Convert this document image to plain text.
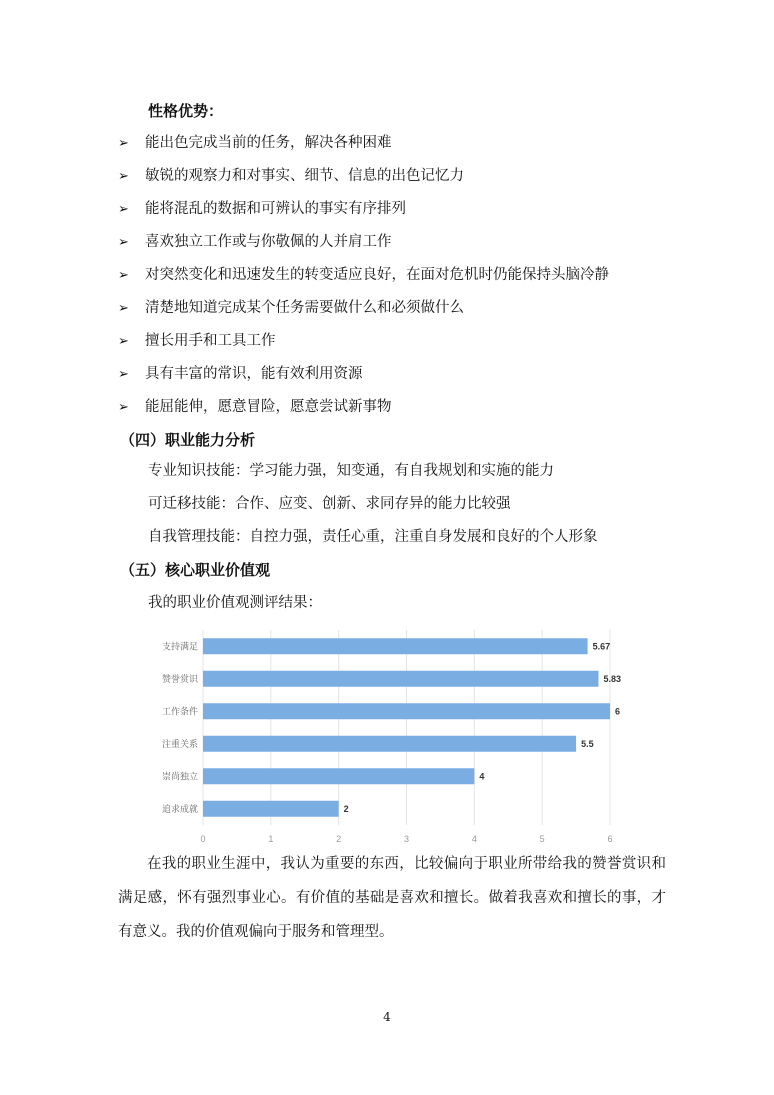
性格优势：
➢ 能出色完成当前的任务，解决各种困难
➢ 敏锐的观察力和对事实、细节、信息的出色记忆力
➢ 能将混乱的数据和可辨认的事实有序排列
➢ 喜欢独立工作或与你敬佩的人并肩工作
➢ 对突然变化和迅速发生的转变适应良好，在面对危机时仍能保持头脑冷静
➢ 清楚地知道完成某个任务需要做什么和必须做什么
➢ 擅长用手和工具工作
➢ 具有丰富的常识，能有效利用资源
➢ 能屈能伸，愿意冒险，愿意尝试新事物
（四）职业能力分析
专业知识技能：学习能力强，知变通，有自我规划和实施的能力
可迁移技能：合作、应变、创新、求同存异的能力比较强
自我管理技能：自控力强，责任心重，注重自身发展和良好的个人形象
（五）核心职业价值观
我的职业价值观测评结果：
0	1	2	3	4	5	6
支持满足	5.67
赞誉赏识	5.83
工作条件	6
注重关系	5.5
崇尚独立	4
追求成就	2

在我的职业生涯中，我认为重要的东西，比较偏向于职业所带给我的赞誉赏识和满足感，怀有强烈事业心。有价值的基础是喜欢和擅长。做着我喜欢和擅长的事，才有意义。我的价值观偏向于服务和管理型。

4
